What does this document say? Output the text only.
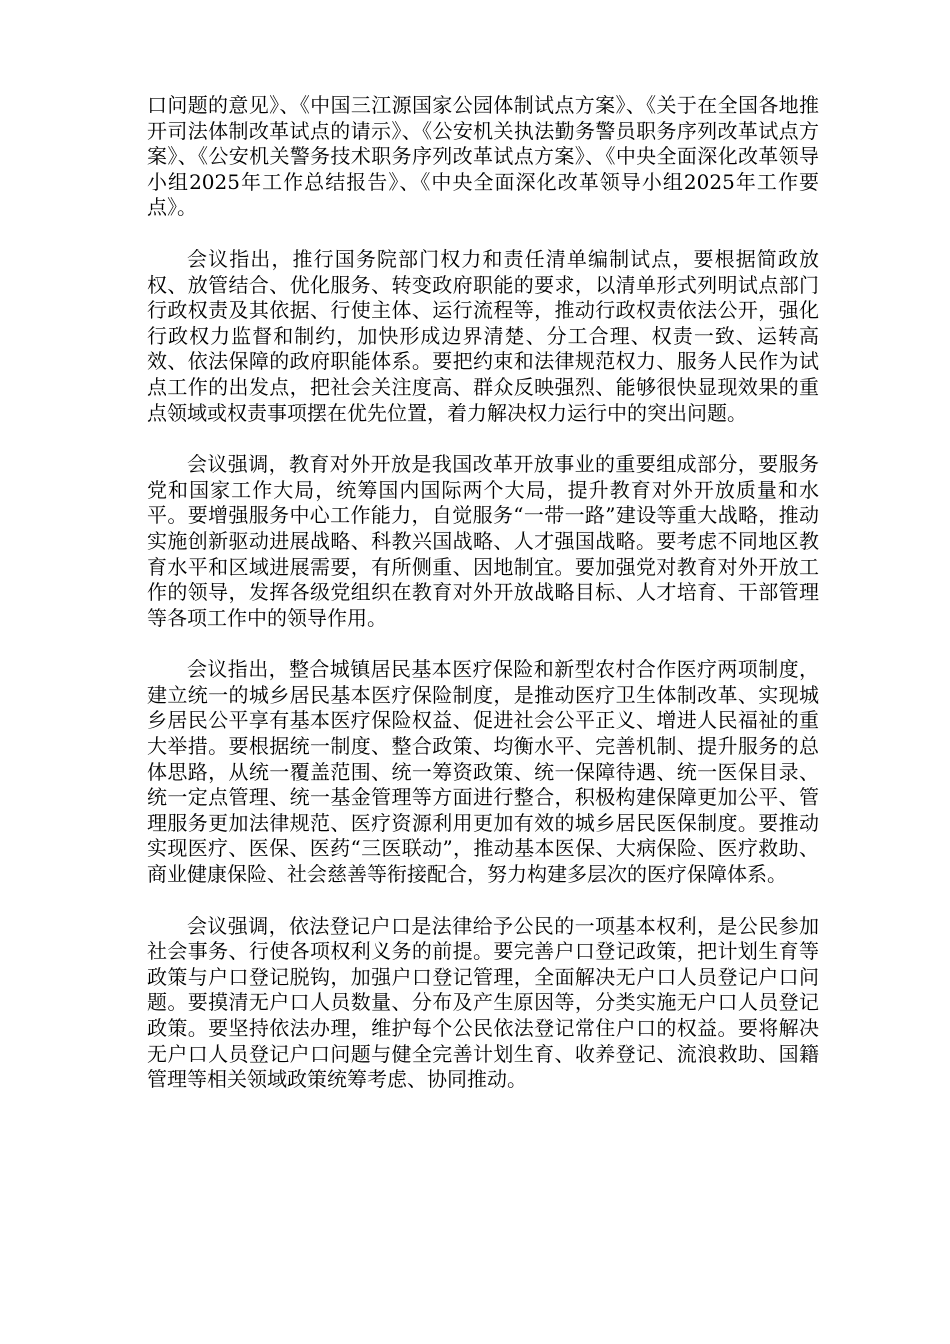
口问题的意见》、《中国三江源国家公园体制试点方案》、《关于在全国各地推开司法体制改革试点的请示》、《公安机关执法勤务警员职务序列改革试点方案》、《公安机关警务技术职务序列改革试点方案》、《中央全面深化改革领导小组2025年工作总结报告》、《中央全面深化改革领导小组2025年工作要点》。

会议指出，推行国务院部门权力和责任清单编制试点，要根据简政放权、放管结合、优化服务、转变政府职能的要求，以清单形式列明试点部门行政权责及其依据、行使主体、运行流程等，推动行政权责依法公开，强化行政权力监督和制约，加快形成边界清楚、分工合理、权责一致、运转高效、依法保障的政府职能体系。要把约束和法律规范权力、服务人民作为试点工作的出发点，把社会关注度高、群众反映强烈、能够很快显现效果的重点领域或权责事项摆在优先位置，着力解决权力运行中的突出问题。

会议强调，教育对外开放是我国改革开放事业的重要组成部分，要服务党和国家工作大局，统筹国内国际两个大局，提升教育对外开放质量和水平。要增强服务中心工作能力，自觉服务“一带一路”建设等重大战略，推动实施创新驱动进展战略、科教兴国战略、人才强国战略。要考虑不同地区教育水平和区域进展需要，有所侧重、因地制宜。要加强党对教育对外开放工作的领导，发挥各级党组织在教育对外开放战略目标、人才培育、干部管理等各项工作中的领导作用。

会议指出，整合城镇居民基本医疗保险和新型农村合作医疗两项制度，建立统一的城乡居民基本医疗保险制度，是推动医疗卫生体制改革、实现城乡居民公平享有基本医疗保险权益、促进社会公平正义、增进人民福祉的重大举措。要根据统一制度、整合政策、均衡水平、完善机制、提升服务的总体思路，从统一覆盖范围、统一筹资政策、统一保障待遇、统一医保目录、统一定点管理、统一基金管理等方面进行整合，积极构建保障更加公平、管理服务更加法律规范、医疗资源利用更加有效的城乡居民医保制度。要推动实现医疗、医保、医药“三医联动”，推动基本医保、大病保险、医疗救助、商业健康保险、社会慈善等衔接配合，努力构建多层次的医疗保障体系。

会议强调，依法登记户口是法律给予公民的一项基本权利，是公民参加社会事务、行使各项权利义务的前提。要完善户口登记政策，把计划生育等政策与户口登记脱钩，加强户口登记管理，全面解决无户口人员登记户口问题。要摸清无户口人员数量、分布及产生原因等，分类实施无户口人员登记政策。要坚持依法办理，维护每个公民依法登记常住户口的权益。要将解决无户口人员登记户口问题与健全完善计划生育、收养登记、流浪救助、国籍管理等相关领域政策统筹考虑、协同推动。
